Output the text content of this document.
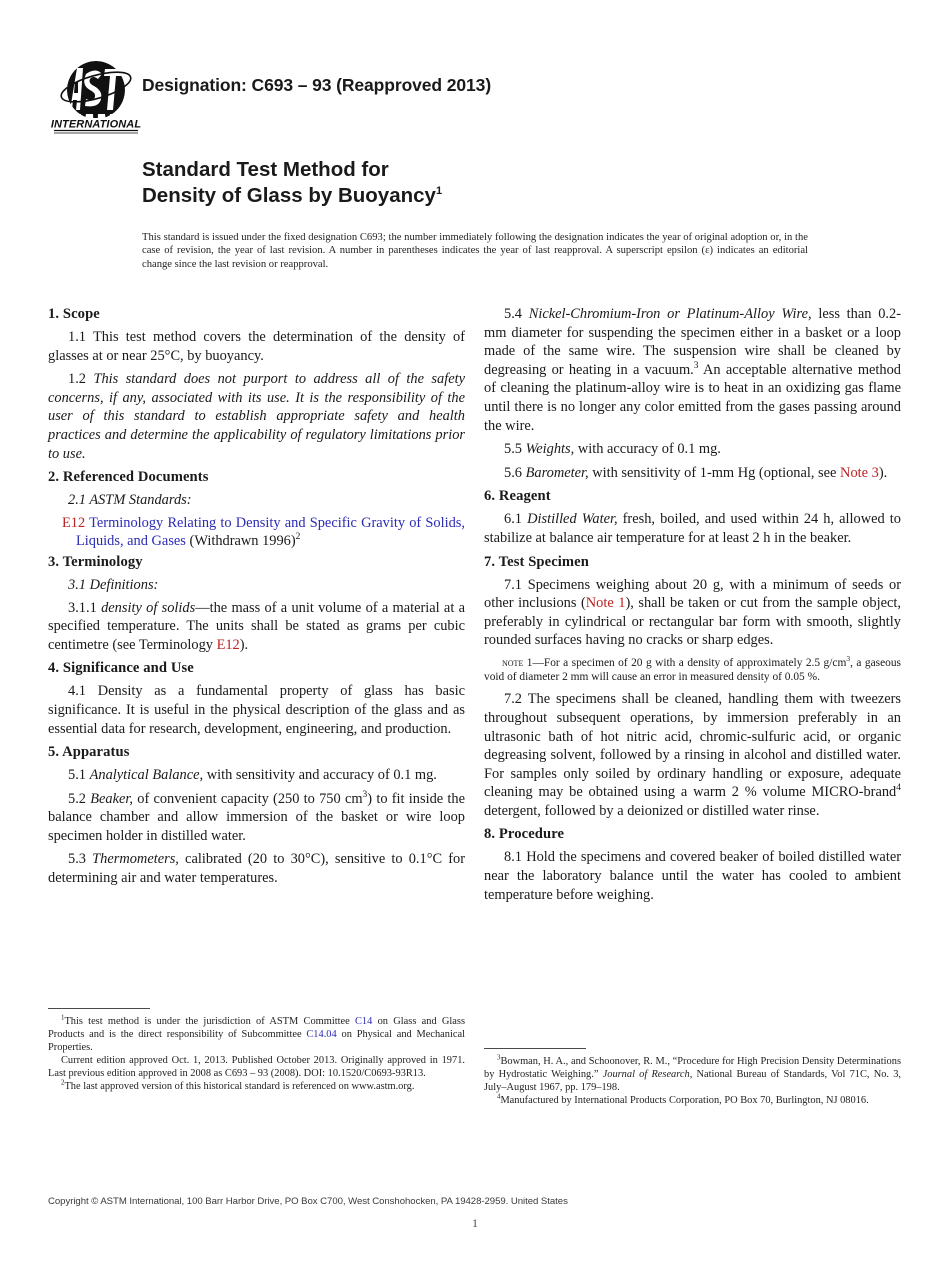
INTERNATIONAL
Designation: C693 – 93 (Reapproved 2013)
Standard Test Method for
Density of Glass by Buoyancy$^1$
This standard is issued under the fixed designation C693; the number immediately following the designation indicates the year of original adoption or, in the case of revision, the year of last revision. A number in parentheses indicates the year of last reapproval. A superscript epsilon (ε) indicates an editorial change since the last revision or reapproval.
1. Scope

1.1 This test method covers the determination of the density of glasses at or near 25°C, by buoyancy.

1.2 This standard does not purport to address all of the safety concerns, if any, associated with its use. It is the responsibility of the user of this standard to establish appropriate safety and health practices and determine the applicability of regulatory limitations prior to use.

2. Referenced Documents

2.1 ASTM Standards:

E12 Terminology Relating to Density and Specific Gravity of Solids, Liquids, and Gases (Withdrawn 1996)$^2$

3. Terminology

3.1 Definitions:

3.1.1 density of solids—the mass of a unit volume of a material at a specified temperature. The units shall be stated as grams per cubic centimetre (see Terminology E12).

4. Significance and Use

4.1 Density as a fundamental property of glass has basic significance. It is useful in the physical description of the glass and as essential data for research, development, engineering, and production.

5. Apparatus

5.1 Analytical Balance, with sensitivity and accuracy of 0.1 mg.

5.2 Beaker, of convenient capacity (250 to 750 $cm^3$) to fit inside the balance chamber and allow immersion of the basket or wire loop specimen holder in distilled water.

5.3 Thermometers, calibrated (20 to 30°C), sensitive to 0.1°C for determining air and water temperatures.

5.4 Nickel-Chromium-Iron or Platinum-Alloy Wire, less than 0.2-mm diameter for suspending the specimen either in a basket or a loop made of the same wire. The suspension wire shall be cleaned by degreasing or heating in a vacuum.$^3$ An acceptable alternative method of cleaning the platinum-alloy wire is to heat in an oxidizing gas flame until there is no longer any color emitted from the gases passing around the wire.

5.5 Weights, with accuracy of 0.1 mg.

5.6 Barometer, with sensitivity of 1-mm Hg (optional, see Note 3).

6. Reagent

6.1 Distilled Water, fresh, boiled, and used within 24 h, allowed to stabilize at balance air temperature for at least 2 h in the beaker.

7. Test Specimen

7.1 Specimens weighing about 20 g, with a minimum of seeds or other inclusions (Note 1), shall be taken or cut from the sample object, preferably in cylindrical or rectangular bar form with smooth, slightly rounded surfaces having no cracks or sharp edges.

note 1—For a specimen of 20 g with a density of approximately 2.5 $g/cm^3$, a gaseous void of diameter 2 mm will cause an error in measured density of 0.05 %.

7.2 The specimens shall be cleaned, handling them with tweezers throughout subsequent operations, by immersion preferably in an ultrasonic bath of hot nitric acid, chromic-sulfuric acid, or organic degreasing solvent, followed by a rinsing in alcohol and distilled water. For samples only soiled by ordinary handling or exposure, adequate cleaning may be obtained using a warm 2 % volume MICRO-brand$^4$ detergent, followed by a deionized or distilled water rinse.

8. Procedure

8.1 Hold the specimens and covered beaker of boiled distilled water near the laboratory balance until the water has cooled to ambient temperature before weighing.

$^1$This test method is under the jurisdiction of ASTM Committee C14 on Glass and Glass Products and is the direct responsibility of Subcommittee C14.04 on Physical and Mechanical Properties.

Current edition approved Oct. 1, 2013. Published October 2013. Originally approved in 1971. Last previous edition approved in 2008 as C693 – 93 (2008). DOI: 10.1520/C0693-93R13.

$^2$The last approved version of this historical standard is referenced on www.astm.org.

$^3$Bowman, H. A., and Schoonover, R. M., “Procedure for High Precision Density Determinations by Hydrostatic Weighing.” Journal of Research, National Bureau of Standards, Vol 71C, No. 3, July–August 1967, pp. 179–198.

$^4$Manufactured by International Products Corporation, PO Box 70, Burlington, NJ 08016.

Copyright © ASTM International, 100 Barr Harbor Drive, PO Box C700, West Conshohocken, PA 19428-2959. United States
1
